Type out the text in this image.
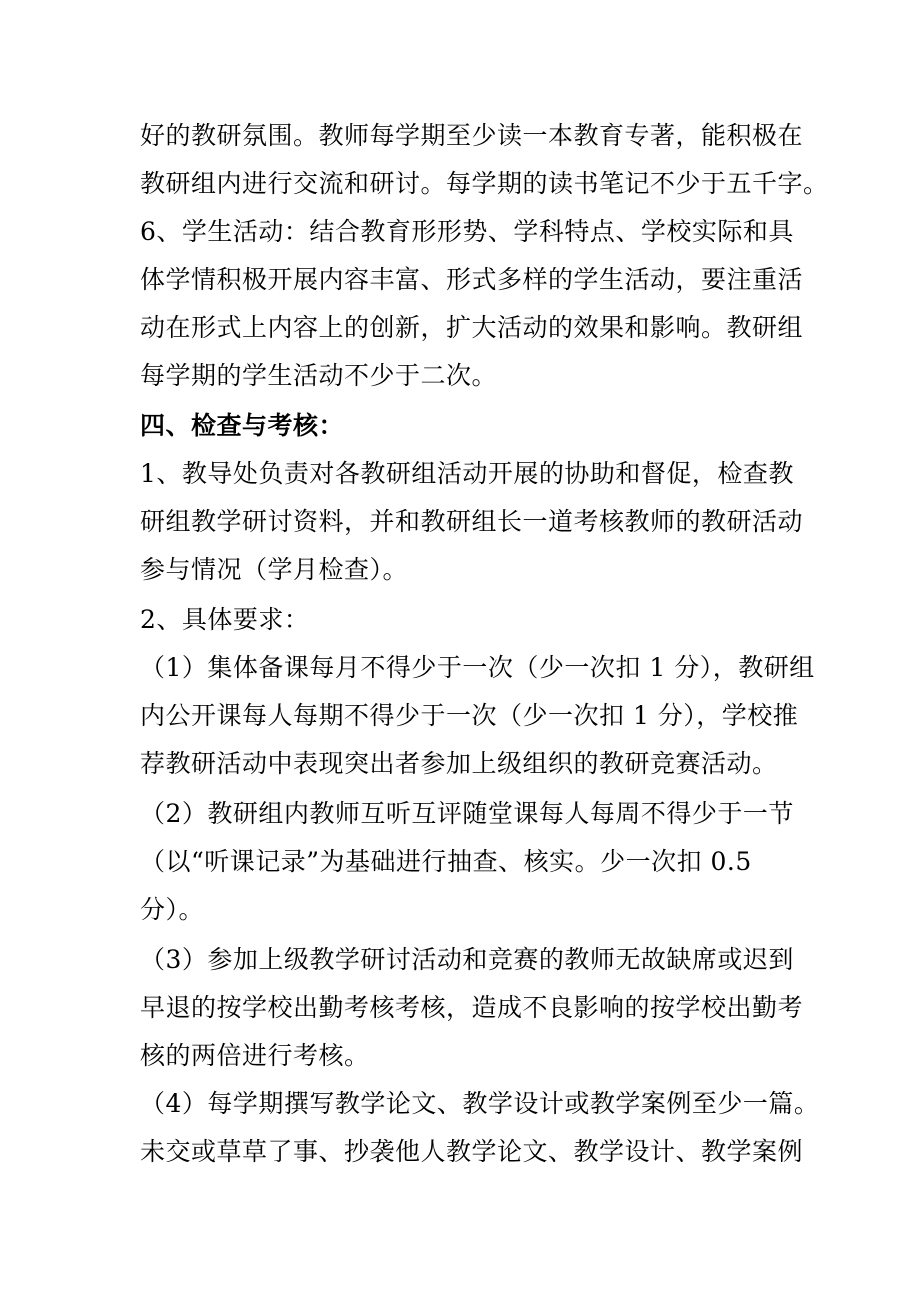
好的教研氛围。教师每学期至少读一本教育专著，能积极在
教研组内进行交流和研讨。每学期的读书笔记不少于五千字。
6、学生活动：结合教育形形势、学科特点、学校实际和具
体学情积极开展内容丰富、形式多样的学生活动，要注重活
动在形式上内容上的创新，扩大活动的效果和影响。教研组
每学期的学生活动不少于二次。
四、检查与考核：
1、教导处负责对各教研组活动开展的协助和督促，检查教
研组教学研讨资料，并和教研组长一道考核教师的教研活动
参与情况（学月检查）。
2、具体要求：
（1）集体备课每月不得少于一次（少一次扣 1 分），教研组
内公开课每人每期不得少于一次（少一次扣 1 分），学校推
荐教研活动中表现突出者参加上级组织的教研竞赛活动。
（2）教研组内教师互听互评随堂课每人每周不得少于一节
（以“听课记录”为基础进行抽查、核实。少一次扣 0.5
分）。
（3）参加上级教学研讨活动和竞赛的教师无故缺席或迟到
早退的按学校出勤考核考核，造成不良影响的按学校出勤考
核的两倍进行考核。
（4）每学期撰写教学论文、教学设计或教学案例至少一篇。
未交或草草了事、抄袭他人教学论文、教学设计、教学案例
